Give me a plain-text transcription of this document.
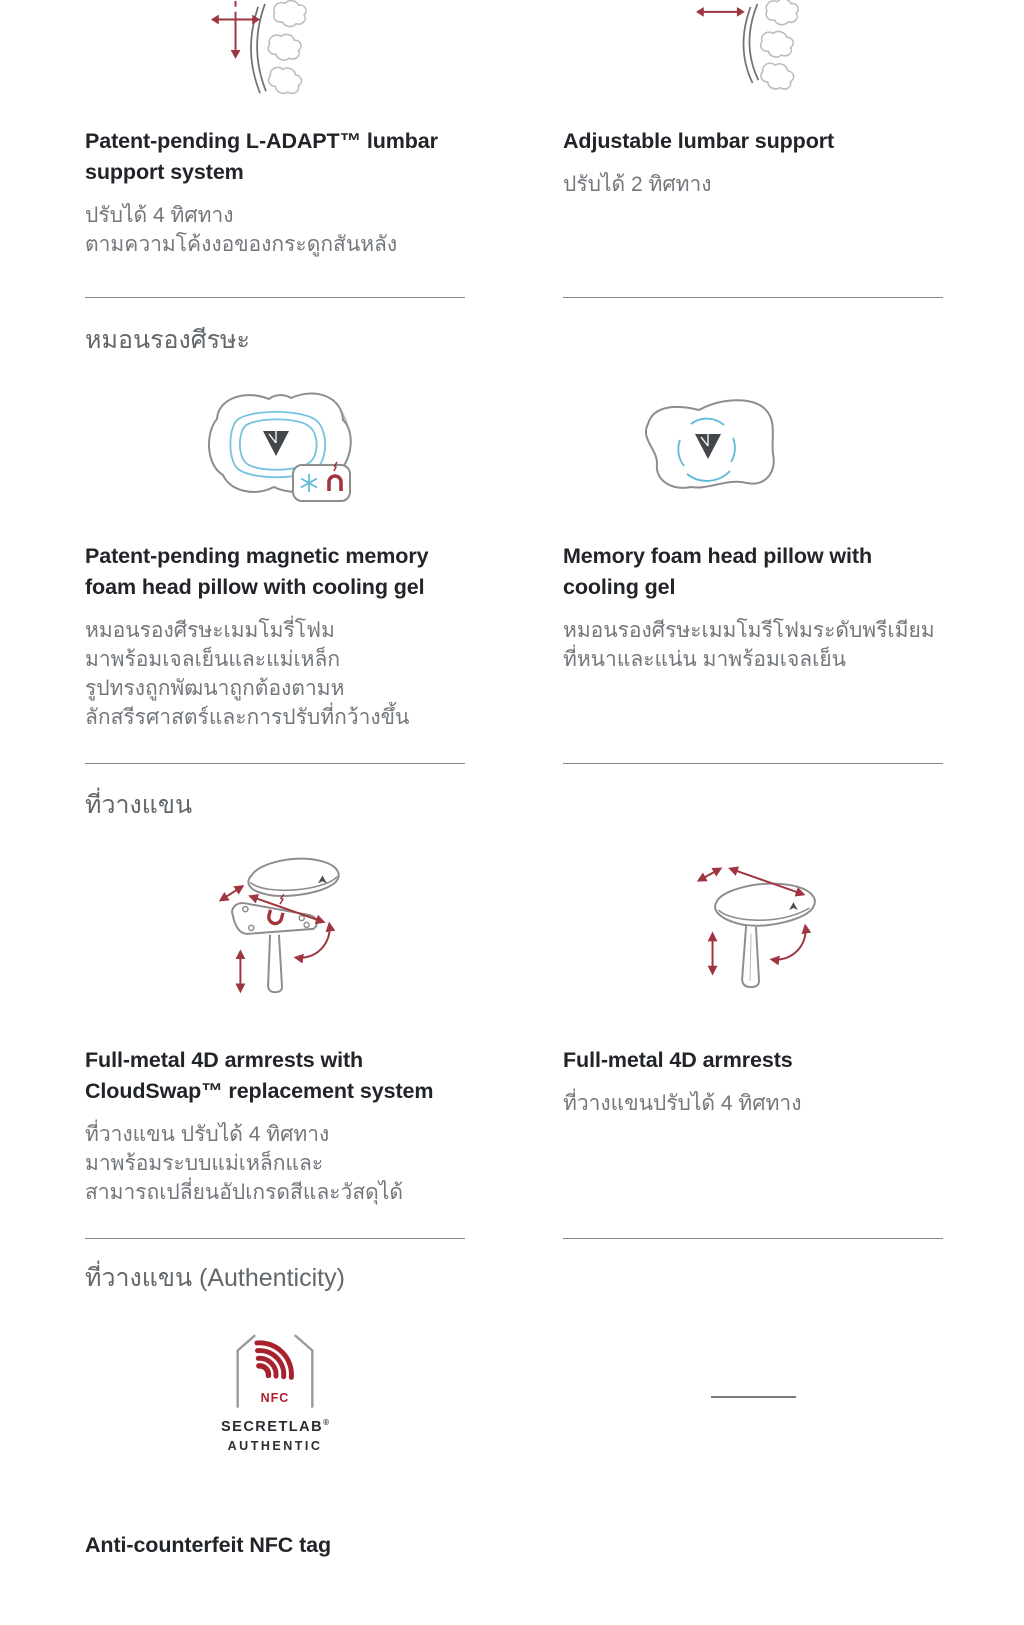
Patent-pending L-ADAPT™ lumbar support system
ปรับได้ 4 ทิศทาง
ตามความโค้งงอของกระดูกสันหลัง
Adjustable lumbar support
ปรับได้ 2 ทิศทาง
หมอนรองศีรษะ
Patent-pending magnetic memory foam head pillow with cooling gel
หมอนรองศีรษะเมมโมรี่โฟม
มาพร้อมเจลเย็นและแม่เหล็ก
รูปทรงถูกพัฒนาถูกต้องตามห
ลักสรีรศาสตร์และการปรับที่กว้างขึ้น
Memory foam head pillow with cooling gel
หมอนรองศีรษะเมมโมรีโฟมระดับพรีเมียม
ที่หนาและแน่น มาพร้อมเจลเย็น
ที่วางแขน
Full-metal 4D armrests with CloudSwap™ replacement system
ที่วางแขน ปรับได้ 4 ทิศทาง
มาพร้อมระบบแม่เหล็กและ
สามารถเปลี่ยนอัปเกรดสีและวัสดุได้
Full-metal 4D armrests
ที่วางแขนปรับได้ 4 ทิศทาง
ที่วางแขน (Authenticity)
NFC
SECRETLAB®
AUTHENTIC
Anti-counterfeit NFC tag
